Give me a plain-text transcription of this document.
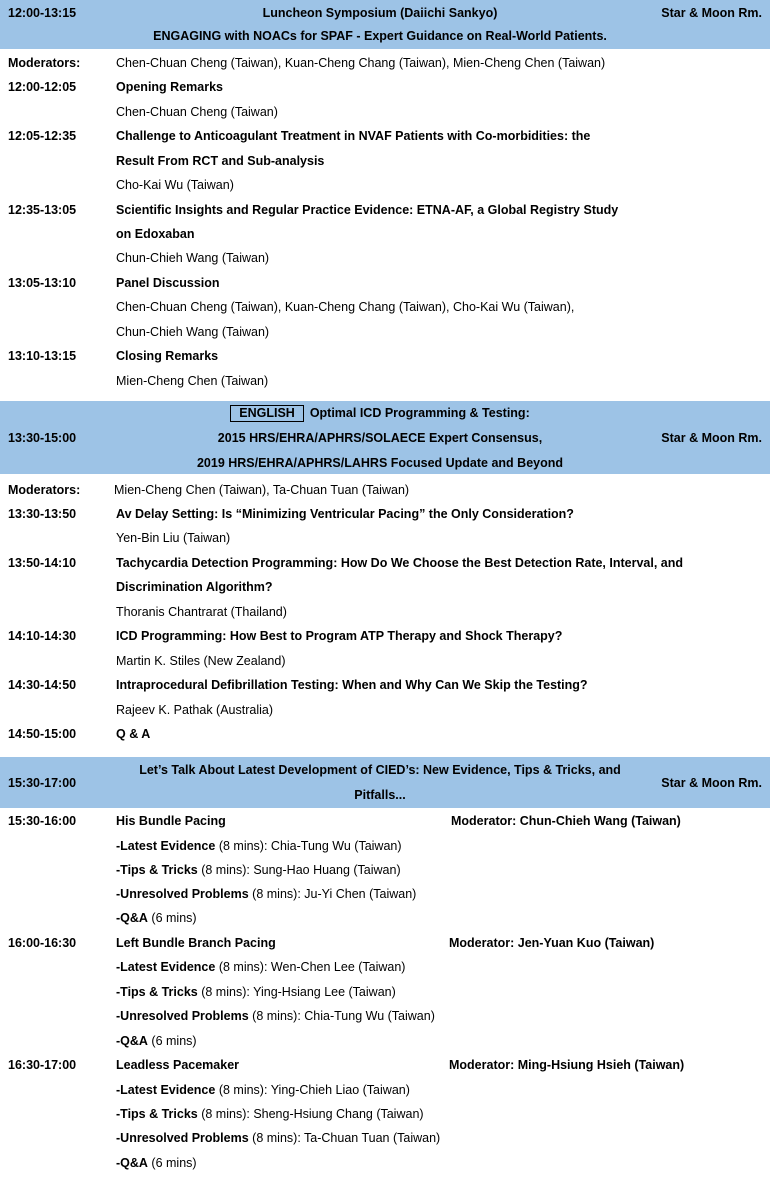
12:00-13:15	Luncheon Symposium (Daiichi Sankyo)	Star & Moon Rm.
ENGAGING with NOACs for SPAF - Expert Guidance on Real-World Patients.
Moderators:	Chen-Chuan Cheng (Taiwan), Kuan-Cheng Chang (Taiwan), Mien-Cheng Chen (Taiwan)
12:00-12:05	Opening Remarks
Chen-Chuan Cheng (Taiwan)
12:05-12:35	Challenge to Anticoagulant Treatment in NVAF Patients with Co-morbidities: the
Result From RCT and Sub-analysis
Cho-Kai Wu (Taiwan)
12:35-13:05	Scientific Insights and Regular Practice Evidence: ETNA-AF, a Global Registry Study
on Edoxaban
Chun-Chieh Wang (Taiwan)
13:05-13:10	Panel Discussion
Chen-Chuan Cheng (Taiwan), Kuan-Cheng Chang (Taiwan), Cho-Kai Wu (Taiwan),
Chun-Chieh Wang (Taiwan)
13:10-13:15	Closing Remarks
Mien-Cheng Chen (Taiwan)
ENGLISH Optimal ICD Programming & Testing:
13:30-15:00	2015 HRS/EHRA/APHRS/SOLAECE Expert Consensus,	Star & Moon Rm.
2019 HRS/EHRA/APHRS/LAHRS Focused Update and Beyond
Moderators:	Mien-Cheng Chen (Taiwan), Ta-Chuan Tuan (Taiwan)
13:30-13:50	Av Delay Setting: Is “Minimizing Ventricular Pacing” the Only Consideration?
Yen-Bin Liu (Taiwan)
13:50-14:10	Tachycardia Detection Programming: How Do We Choose the Best Detection Rate, Interval, and
Discrimination Algorithm?
Thoranis Chantrarat (Thailand)
14:10-14:30	ICD Programming: How Best to Program ATP Therapy and Shock Therapy?
Martin K. Stiles (New Zealand)
14:30-14:50	Intraprocedural Defibrillation Testing: When and Why Can We Skip the Testing?
Rajeev K. Pathak (Australia)
14:50-15:00	Q & A
Let’s Talk About Latest Development of CIED’s: New Evidence, Tips & Tricks, and
15:30-17:00	Star & Moon Rm.
Pitfalls...
15:30-16:00	His Bundle Pacing	Moderator: Chun-Chieh Wang (Taiwan)
-Latest Evidence (8 mins): Chia-Tung Wu (Taiwan)
-Tips & Tricks (8 mins): Sung-Hao Huang (Taiwan)
-Unresolved Problems (8 mins): Ju-Yi Chen (Taiwan)
-Q&A (6 mins)
16:00-16:30	Left Bundle Branch Pacing	Moderator: Jen-Yuan Kuo (Taiwan)
-Latest Evidence (8 mins): Wen-Chen Lee (Taiwan)
-Tips & Tricks (8 mins): Ying-Hsiang Lee (Taiwan)
-Unresolved Problems (8 mins): Chia-Tung Wu (Taiwan)
-Q&A (6 mins)
16:30-17:00	Leadless Pacemaker	Moderator: Ming-Hsiung Hsieh (Taiwan)
-Latest Evidence (8 mins): Ying-Chieh Liao (Taiwan)
-Tips & Tricks (8 mins): Sheng-Hsiung Chang (Taiwan)
-Unresolved Problems (8 mins): Ta-Chuan Tuan (Taiwan)
-Q&A (6 mins)
